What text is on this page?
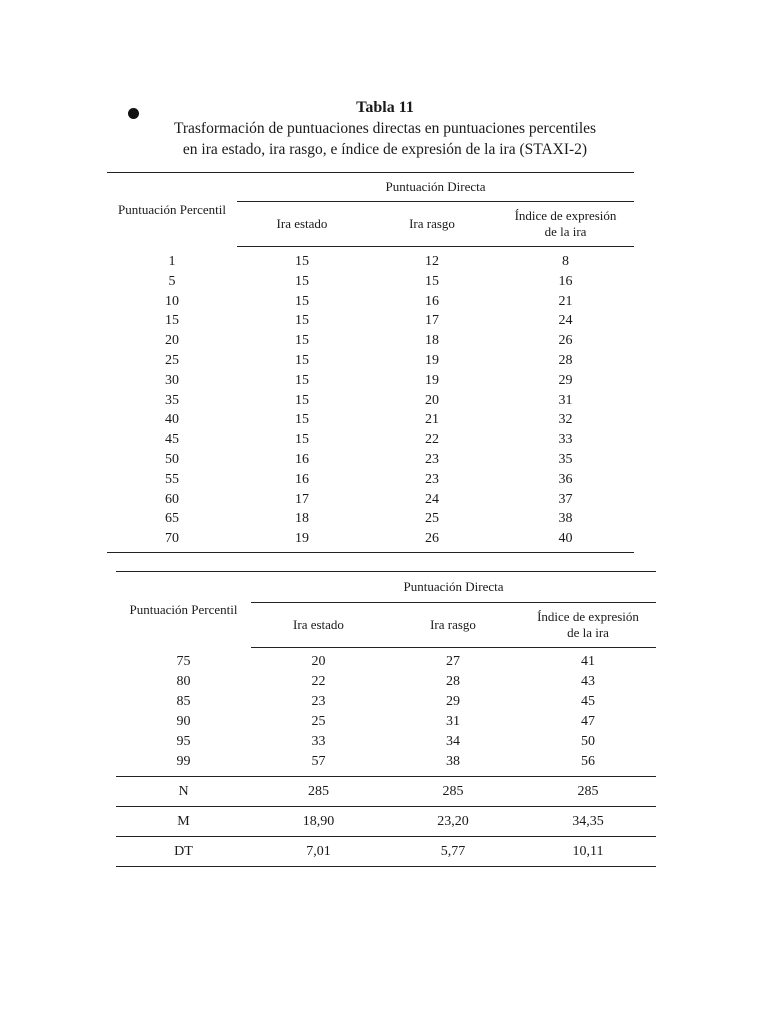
Tabla 11
Trasformación de puntuaciones directas en puntuaciones percentiles
en ira estado, ira rasgo, e índice de expresión de la ira (STAXI-2)
Puntuación Percentil	Puntuación Directa		
	Ira estado	Ira rasgo	Índice de expresión de la ira
1	15	12	8
5	15	15	16
10	15	16	21
15	15	17	24
20	15	18	26
25	15	19	28
30	15	19	29
35	15	20	31
40	15	21	32
45	15	22	33
50	16	23	35
55	16	23	36
60	17	24	37
65	18	25	38
70	19	26	40
Puntuación Percentil	Puntuación Directa		
	Ira estado	Ira rasgo	Índice de expresión de la ira
75	20	27	41
80	22	28	43
85	23	29	45
90	25	31	47
95	33	34	50
99	57	38	56
N	285	285	285
M	18,90	23,20	34,35
DT	7,01	5,77	10,11
